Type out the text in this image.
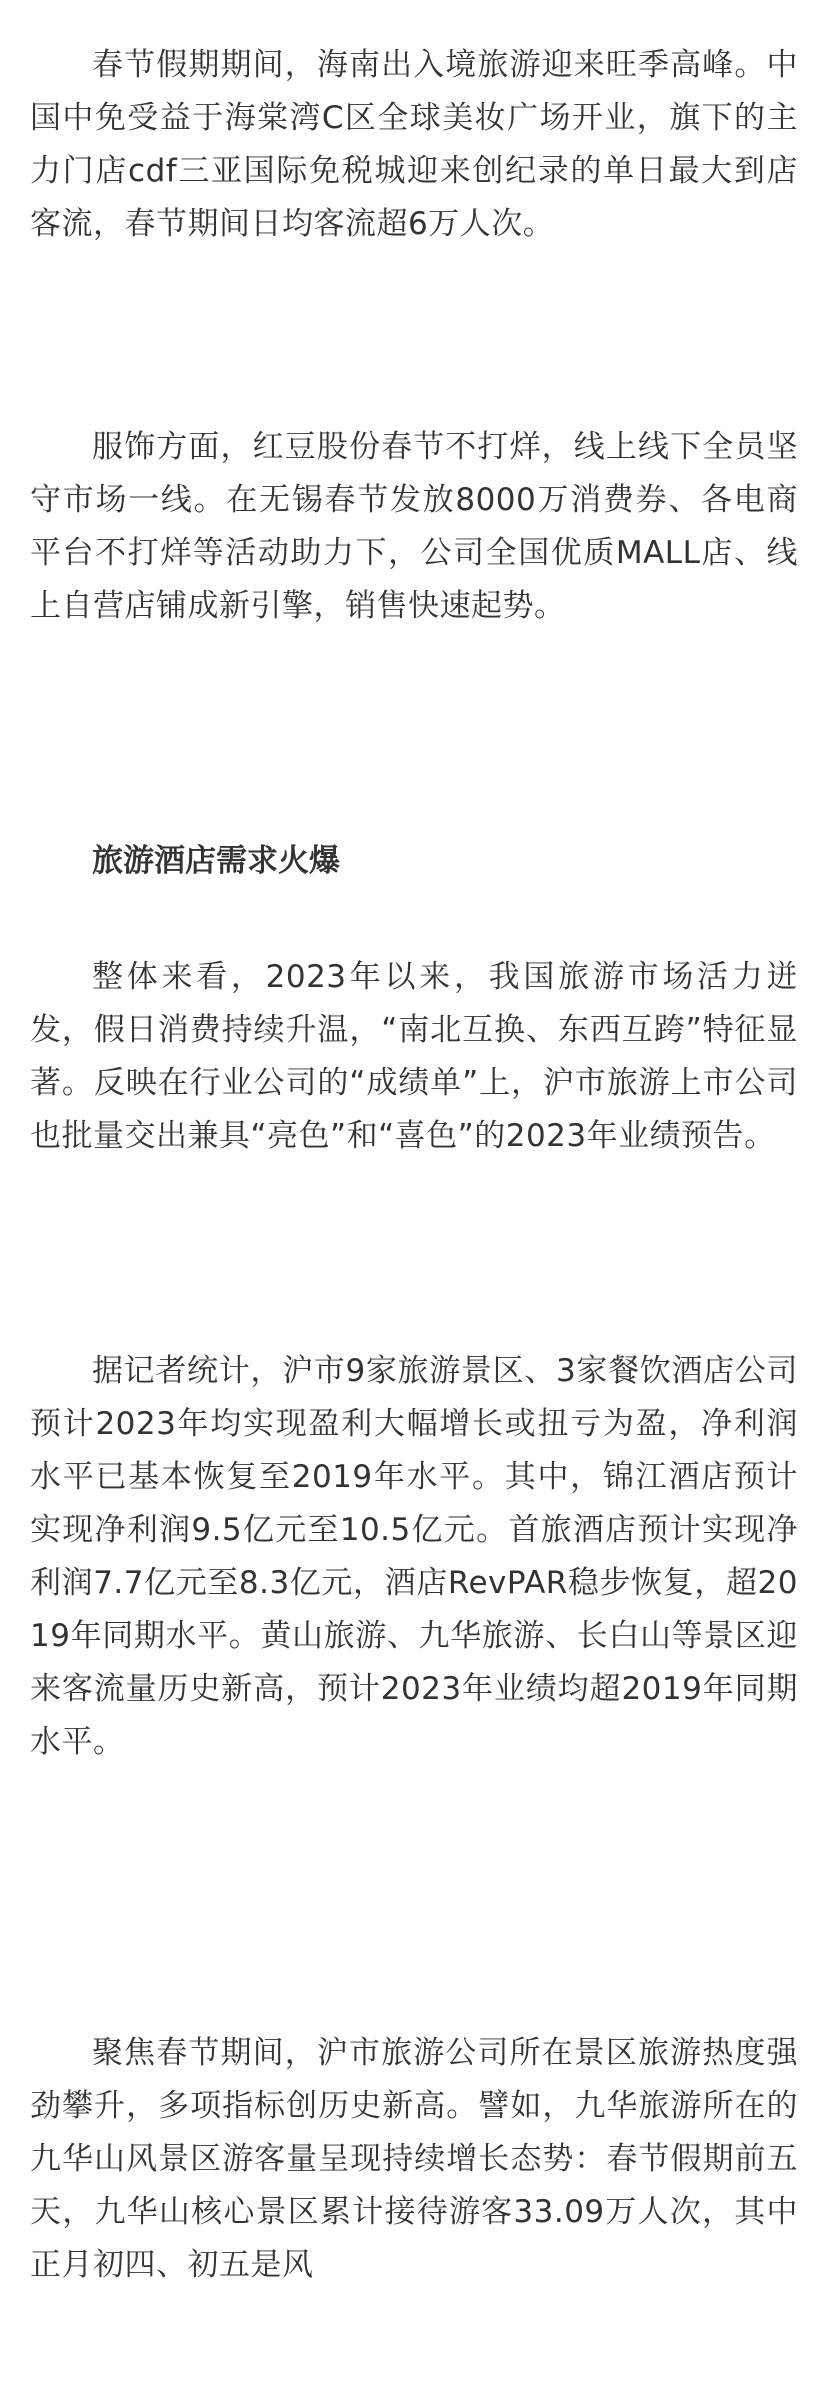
春节假期期间，海南出入境旅游迎来旺季高峰。中国中免受益于海棠湾C区全球美妆广场开业，旗下的主力门店cdf三亚国际免税城迎来创纪录的单日最大到店客流，春节期间日均客流超6万人次。

服饰方面，红豆股份春节不打烊，线上线下全员坚守市场一线。在无锡春节发放8000万消费券、各电商平台不打烊等活动助力下，公司全国优质MALL店、线上自营店铺成新引擎，销售快速起势。

旅游酒店需求火爆

整体来看，2023年以来，我国旅游市场活力迸发，假日消费持续升温，“南北互换、东西互跨”特征显著。反映在行业公司的“成绩单”上，沪市旅游上市公司也批量交出兼具“亮色”和“喜色”的2023年业绩预告。

据记者统计，沪市9家旅游景区、3家餐饮酒店公司预计2023年均实现盈利大幅增长或扭亏为盈，净利润水平已基本恢复至2019年水平。其中，锦江酒店预计实现净利润9.5亿元至10.5亿元。首旅酒店预计实现净利润7.7亿元至8.3亿元，酒店RevPAR稳步恢复，超2019年同期水平。黄山旅游、九华旅游、长白山等景区迎来客流量历史新高，预计2023年业绩均超2019年同期水平。

聚焦春节期间，沪市旅游公司所在景区旅游热度强劲攀升，多项指标创历史新高。譬如，九华旅游所在的九华山风景区游客量呈现持续增长态势：春节假期前五天，九华山核心景区累计接待游客33.09万人次，其中正月初四、初五是风
